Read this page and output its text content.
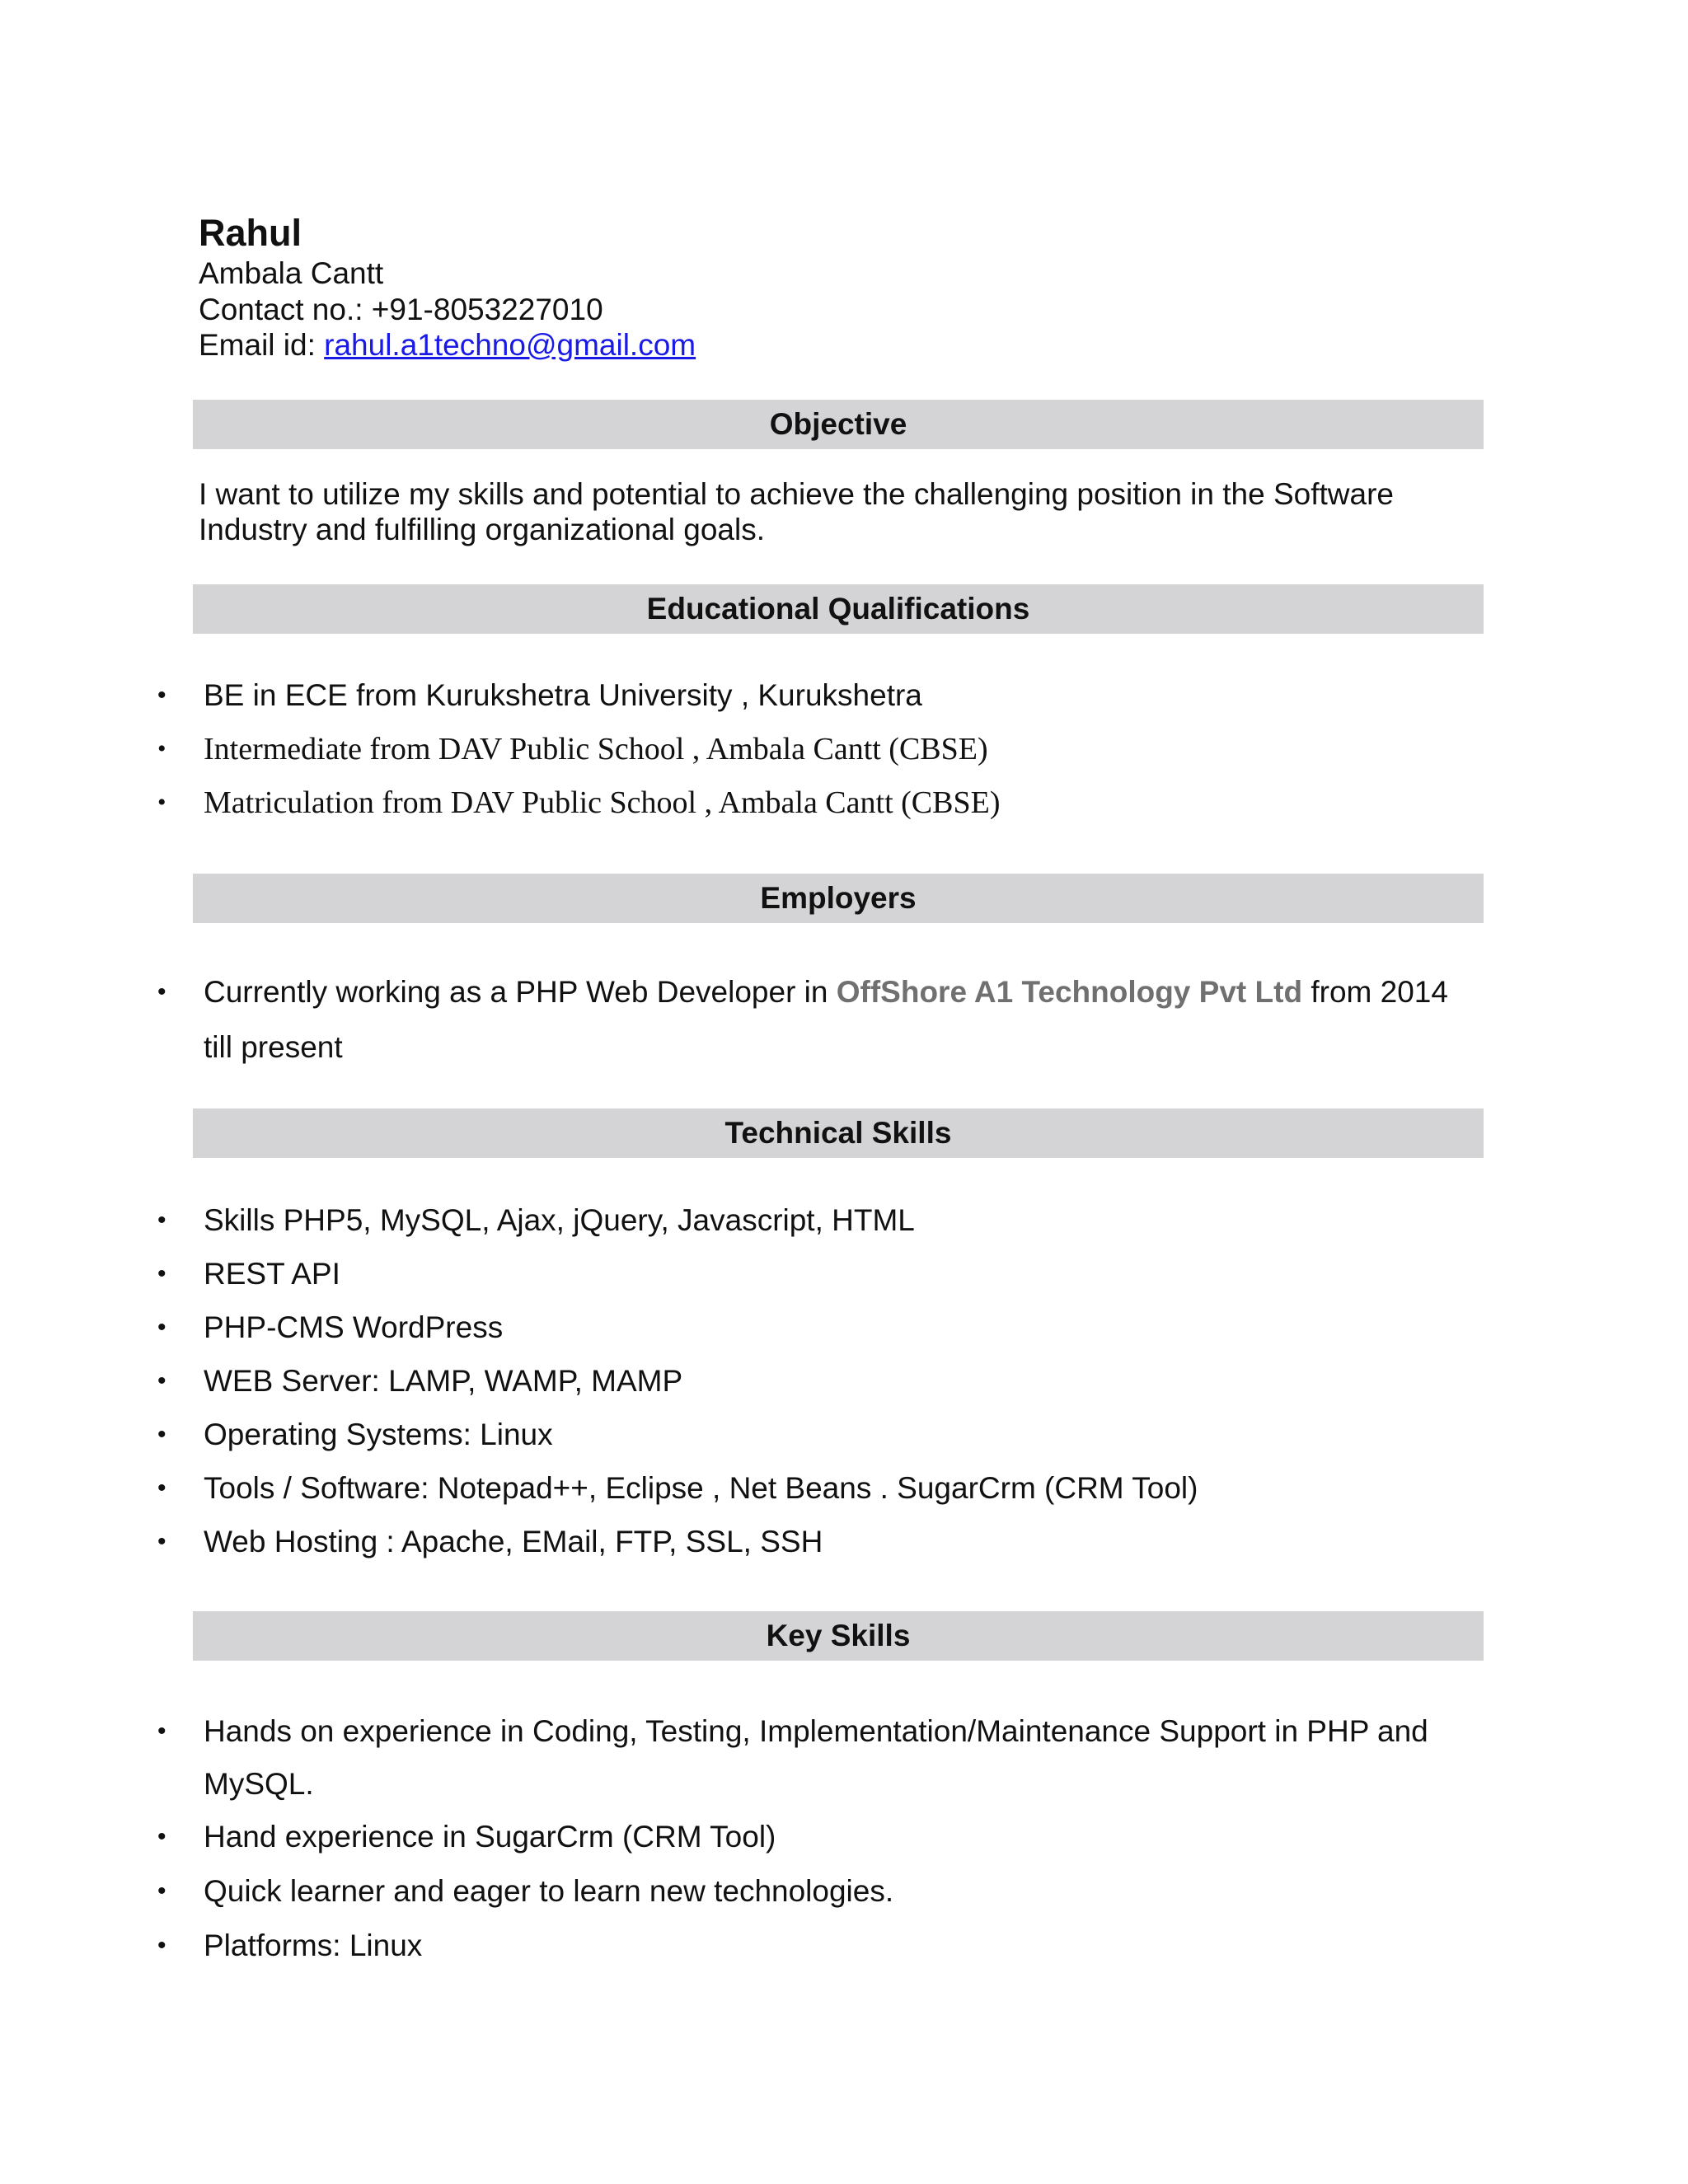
Rahul
Ambala Cantt
Contact no.: +91-8053227010
Email id: rahul.a1techno@gmail.com
Objective
I want to utilize my skills and potential to achieve the challenging position in the Software
Industry and fulfilling organizational goals.
Educational Qualifications
• BE in ECE from Kurukshetra University , Kurukshetra
• Intermediate from DAV Public School , Ambala Cantt (CBSE)
• Matriculation from DAV Public School , Ambala Cantt (CBSE)
Employers
• Currently working as a PHP Web Developer in OffShore A1 Technology Pvt Ltd from 2014
till present
Technical Skills
• Skills PHP5, MySQL, Ajax, jQuery, Javascript, HTML
• REST API
• PHP-CMS WordPress
• WEB Server: LAMP, WAMP, MAMP
• Operating Systems: Linux
• Tools / Software: Notepad++, Eclipse , Net Beans . SugarCrm (CRM Tool)
• Web Hosting : Apache, EMail, FTP, SSL, SSH
Key Skills
• Hands on experience in Coding, Testing, Implementation/Maintenance Support in PHP and
MySQL.
• Hand experience in SugarCrm (CRM Tool)
• Quick learner and eager to learn new technologies.
• Platforms: Linux
